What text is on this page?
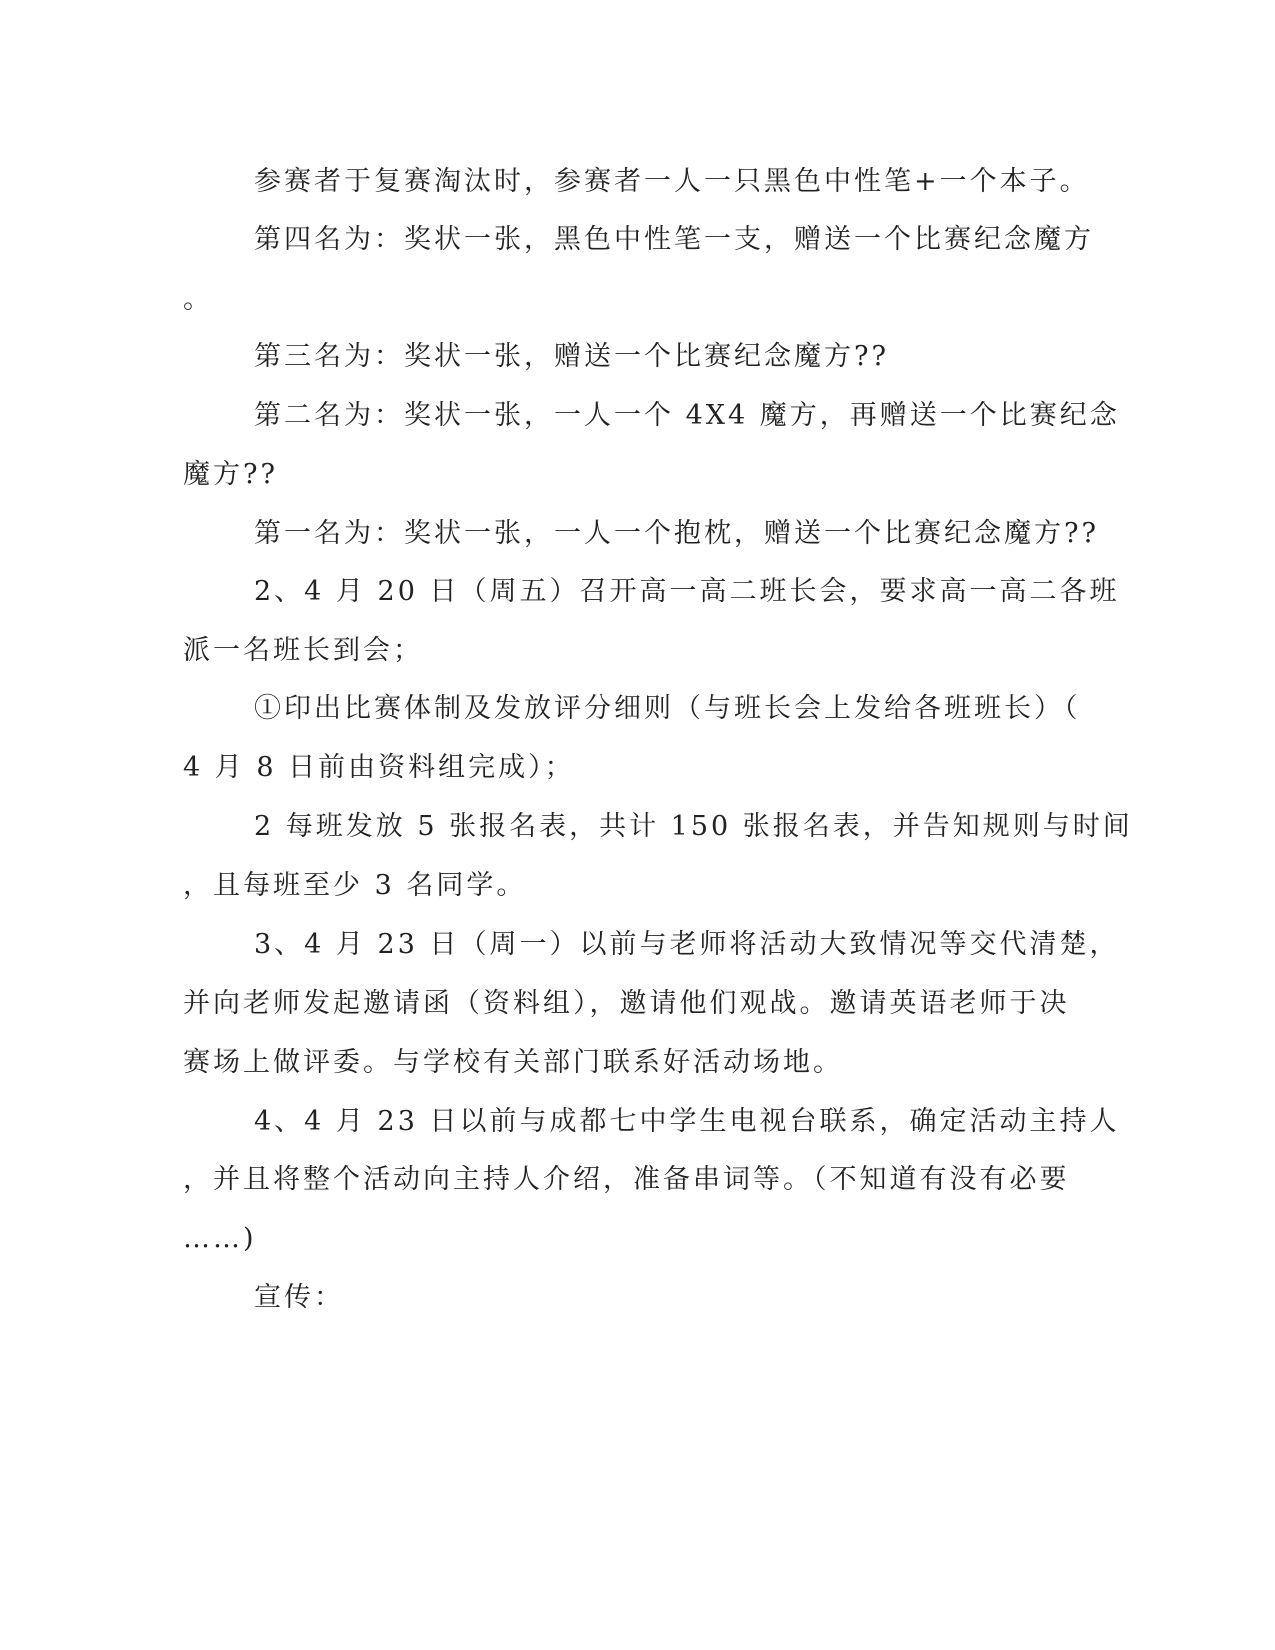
参赛者于复赛淘汰时，参赛者一人一只黑色中性笔+一个本子。
第四名为：奖状一张，黑色中性笔一支，赠送一个比赛纪念魔方
。
第三名为：奖状一张，赠送一个比赛纪念魔方??
第二名为：奖状一张，一人一个 4X4 魔方，再赠送一个比赛纪念
魔方??
第一名为：奖状一张，一人一个抱枕，赠送一个比赛纪念魔方??
2、4 月 20 日（周五）召开高一高二班长会，要求高一高二各班
派一名班长到会；
①印出比赛体制及发放评分细则（与班长会上发给各班班长）（
4 月 8 日前由资料组完成）；
2 每班发放 5 张报名表，共计 150 张报名表，并告知规则与时间
，且每班至少 3 名同学。
3、4 月 23 日（周一）以前与老师将活动大致情况等交代清楚，
并向老师发起邀请函（资料组），邀请他们观战。邀请英语老师于决
赛场上做评委。与学校有关部门联系好活动场地。
4、4 月 23 日以前与成都七中学生电视台联系，确定活动主持人
，并且将整个活动向主持人介绍，准备串词等。（不知道有没有必要
……)
宣传：
